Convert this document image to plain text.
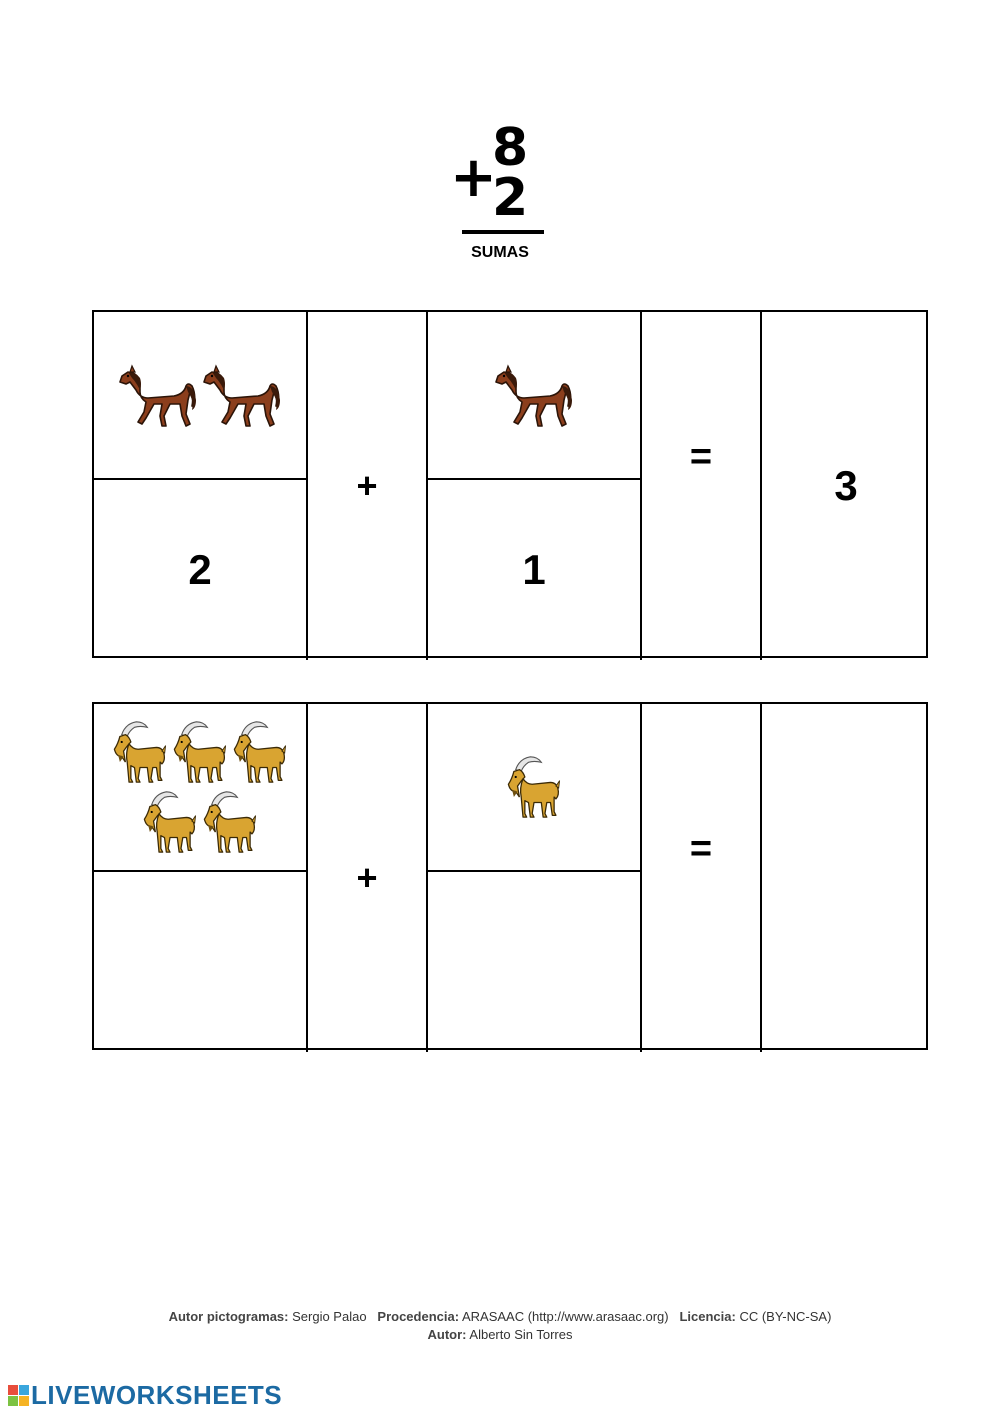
+
8
2
SUMAS
2
+
1
=
3
+
=
Autor pictogramas: Sergio Palao Procedencia: ARASAAC (http://www.arasaac.org) Licencia: CC (BY-NC-SA)
Autor: Alberto Sin Torres
LIVEWORKSHEETS
